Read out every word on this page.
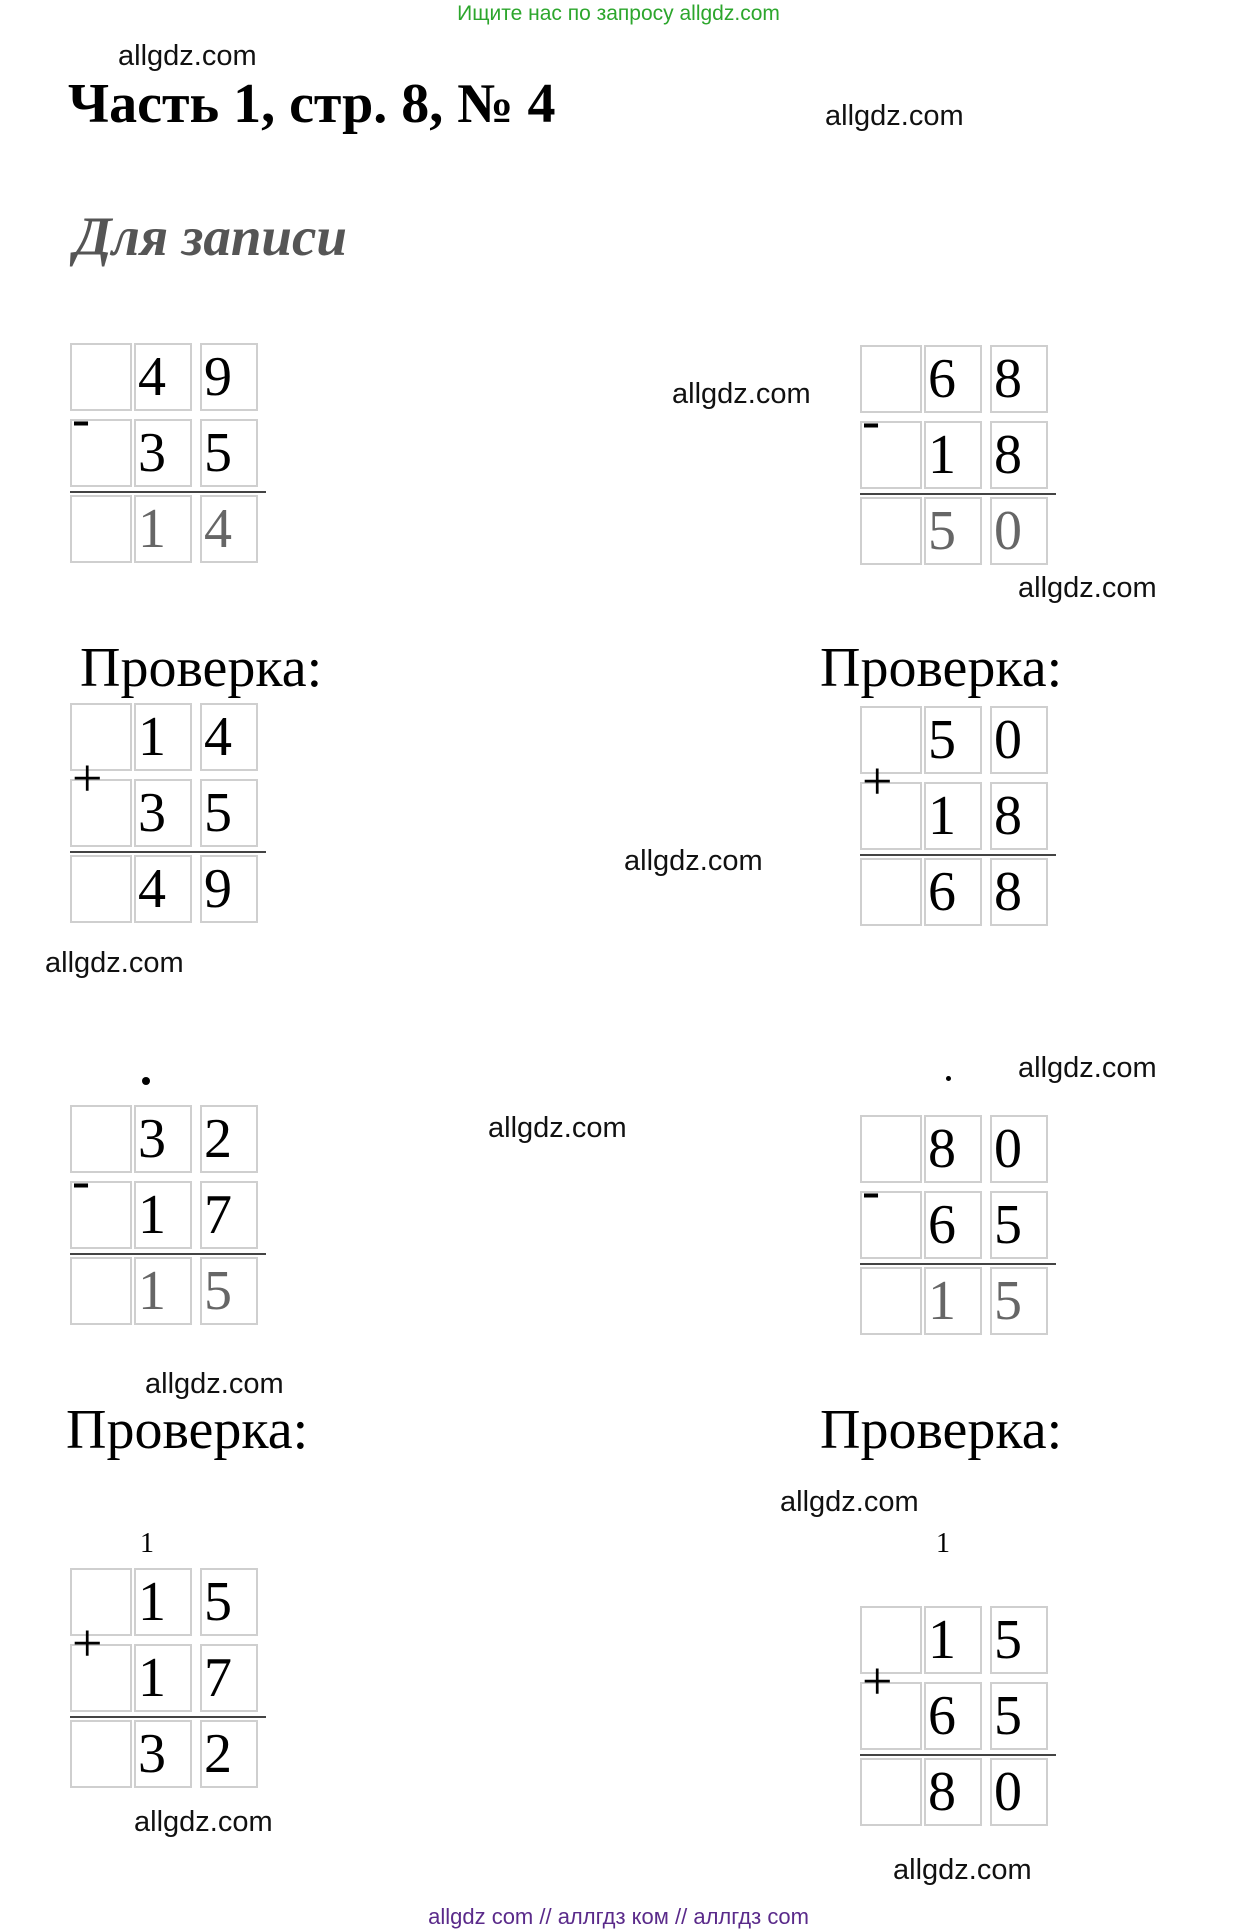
Ищите нас по запросу allgdz.com
allgdz.com
Часть 1, стр. 8, № 4	allgdz.com
Для записи
4 9
3 5
1 4
-	allgdz.com 6 8
1 8
5 0
-
allgdz.com
Проверка:	Проверка:
1 4
3 5
4 9
+
allgdz.com
5 0
1 8
6 8
+
allgdz.com
allgdz.com
allgdz.com
3 2
1 7
1 5
-	8 0
6 5
1 5
-
allgdz.com
Проверка:	Проверка:
allgdz.com
1	1
1 5
1 7
3 2
+	1 5
6 5
8 0
+
allgdz.com
allgdz.com
allgdz com // аллгдз ком // аллгдз com
